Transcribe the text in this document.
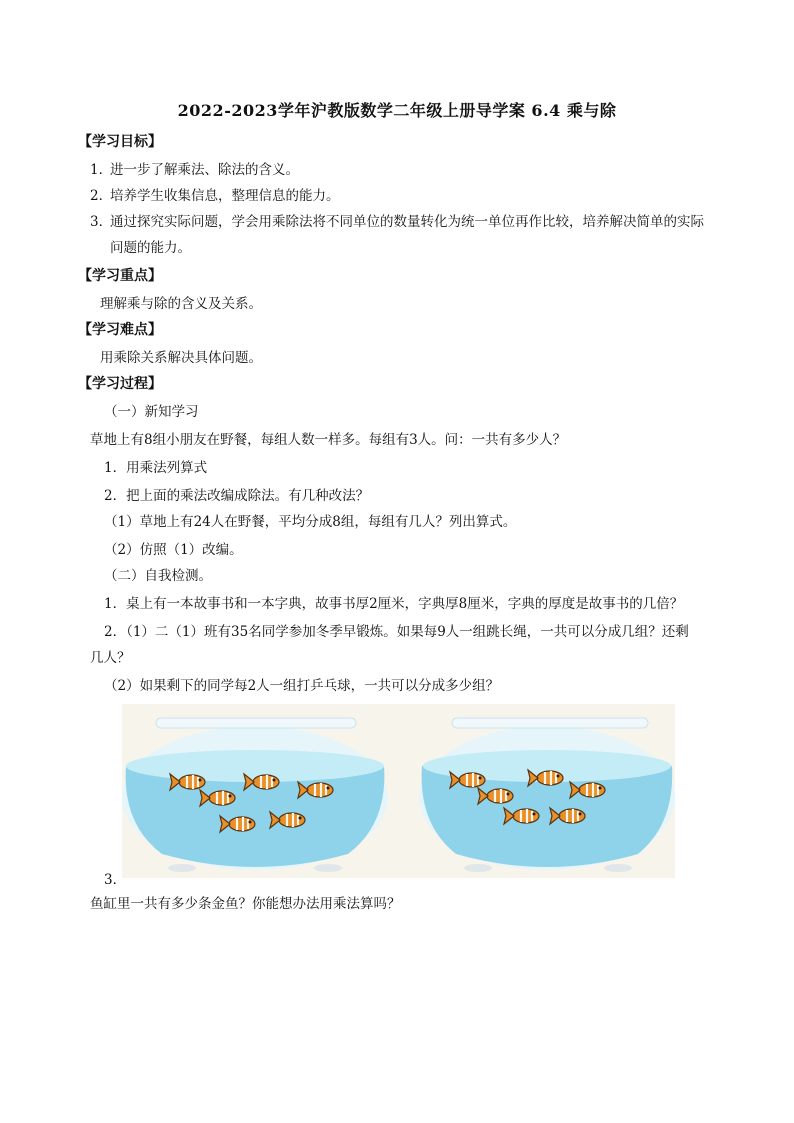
2022-2023学年沪教版数学二年级上册导学案 6.4 乘与除
【学习目标】
1．进一步了解乘法、除法的含义。
2．培养学生收集信息，整理信息的能力。
3．通过探究实际问题，学会用乘除法将不同单位的数量转化为统一单位再作比较，培养解决简单的实际
问题的能力。
【学习重点】
理解乘与除的含义及关系。
【学习难点】
用乘除关系解决具体问题。
【学习过程】
（一）新知学习
草地上有8组小朋友在野餐，每组人数一样多。每组有3人。问：一共有多少人？
1．用乘法列算式
2．把上面的乘法改编成除法。有几种改法？
（1）草地上有24人在野餐，平均分成8组，每组有几人？列出算式。
（2）仿照（1）改编。
（二）自我检测。
1．桌上有一本故事书和一本字典，故事书厚2厘米，字典厚8厘米，字典的厚度是故事书的几倍？
2．（1）二（1）班有35名同学参加冬季早锻炼。如果每9人一组跳长绳，一共可以分成几组？还剩
几人？
（2）如果剩下的同学每2人一组打乒乓球，一共可以分成多少组？
3．
鱼缸里一共有多少条金鱼？你能想办法用乘法算吗？
